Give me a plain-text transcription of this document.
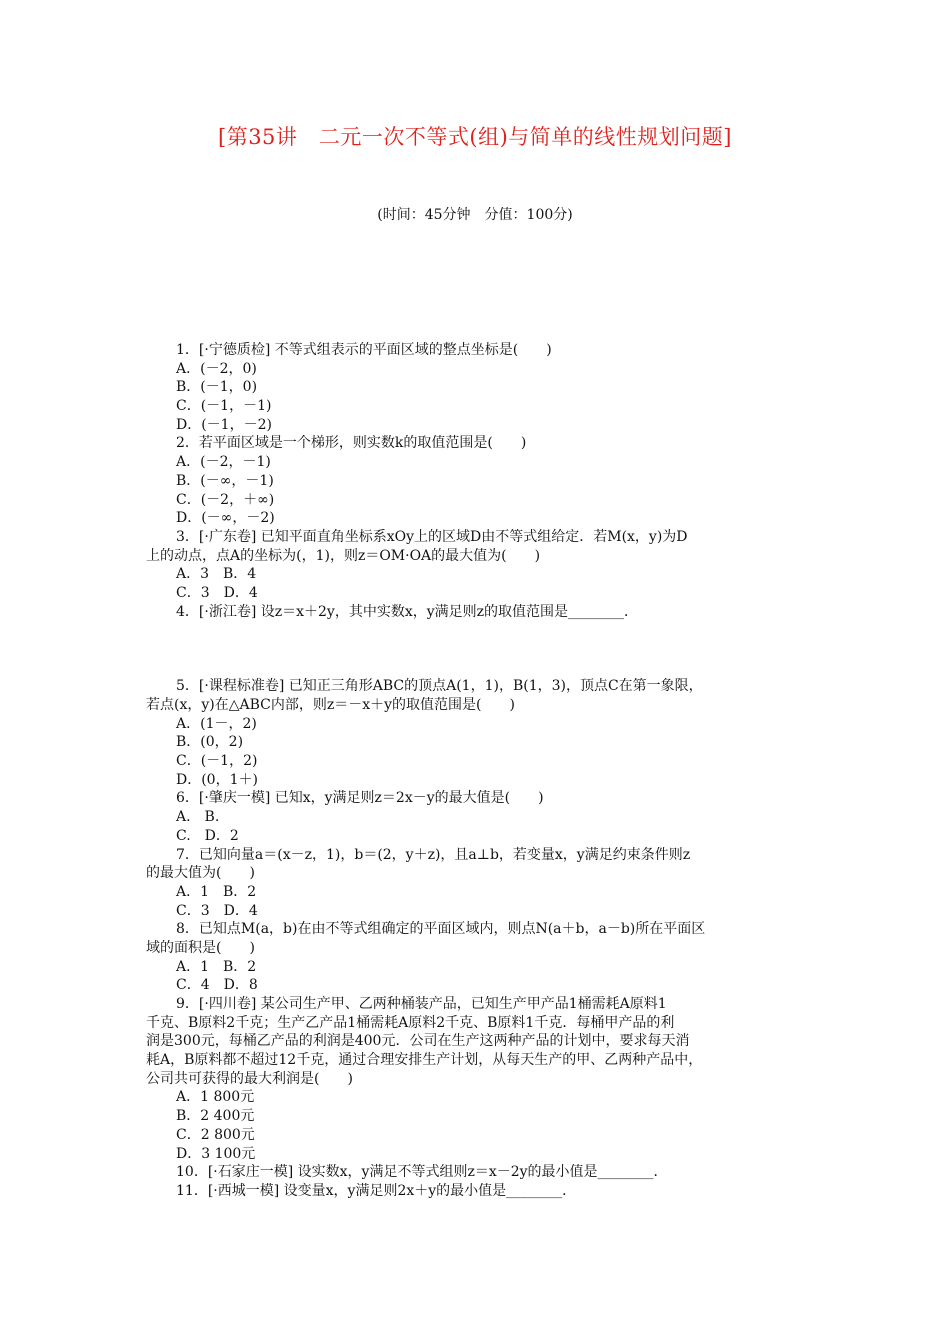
[第35讲　二元一次不等式(组)与简单的线性规划问题]
(时间：45分钟　分值：100分)
1．[·宁德质检] 不等式组表示的平面区域的整点坐标是(　　)
A．(－2，0)
B．(－1，0)
C．(－1，－1)
D．(－1，－2)
2．若平面区域是一个梯形，则实数k的取值范围是(　　)
A．(－2，－1)
B．(－∞，－1)
C．(－2，＋∞)
D．(－∞，－2)
3．[·广东卷] 已知平面直角坐标系xOy上的区域D由不等式组给定．若M(x，y)为D
上的动点，点A的坐标为(，1)，则z＝OM·OA的最大值为(　　)
A．3　B．4
C．3　D．4
4．[·浙江卷] 设z＝x＋2y，其中实数x，y满足则z的取值范围是________．
5．[·课程标准卷] 已知正三角形ABC的顶点A(1，1)，B(1，3)，顶点C在第一象限，
若点(x，y)在△ABC内部，则z＝－x＋y的取值范围是(　　)
A．(1－，2)
B．(0，2)
C．(－1，2)
D．(0，1＋)
6．[·肇庆一模] 已知x，y满足则z＝2x－y的最大值是(　　)
A.　B.
C.　D．2
7．已知向量a＝(x－z，1)，b＝(2，y＋z)，且a⊥b，若变量x，y满足约束条件则z
的最大值为(　　)
A．1　B．2
C．3　D．4
8．已知点M(a，b)在由不等式组确定的平面区域内，则点N(a＋b，a－b)所在平面区
域的面积是(　　)
A．1　B．2
C．4　D．8
9．[·四川卷] 某公司生产甲、乙两种桶装产品，已知生产甲产品1桶需耗A原料1
千克、B原料2千克；生产乙产品1桶需耗A原料2千克、B原料1千克．每桶甲产品的利
润是300元，每桶乙产品的利润是400元．公司在生产这两种产品的计划中，要求每天消
耗A，B原料都不超过12千克，通过合理安排生产计划，从每天生产的甲、乙两种产品中，
公司共可获得的最大利润是(　　)
A．1 800元
B．2 400元
C．2 800元
D．3 100元
10．[·石家庄一模] 设实数x，y满足不等式组则z＝x－2y的最小值是________．
11．[·西城一模] 设变量x，y满足则2x＋y的最小值是________．
